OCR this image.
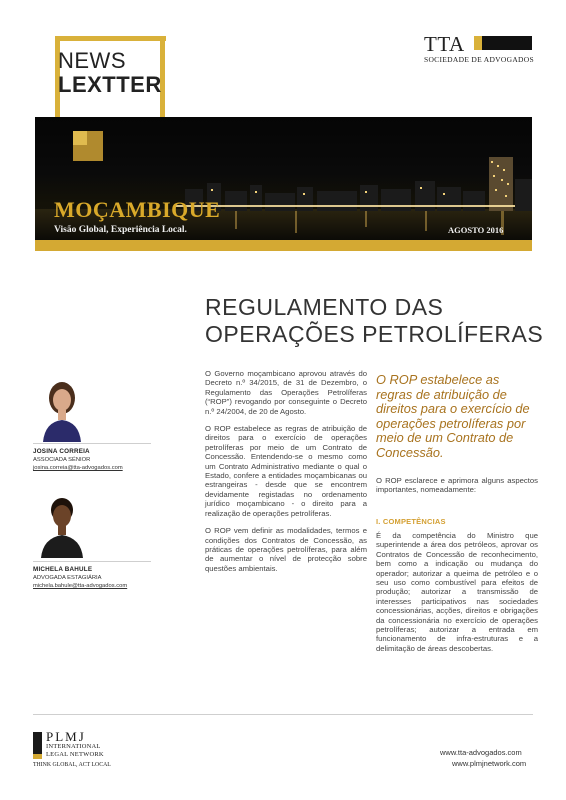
NEWS
LEXTTER
TTA
SOCIEDADE DE ADVOGADOS
MOÇAMBIQUE
Visão Global, Experiência Local.	AGOSTO 2016
REGULAMENTO DAS
OPERAÇÕES PETROLÍFERAS
JOSINA CORREIA
ASSOCIADA SÉNIOR
josina.correia@tta-advogados.com
MICHELA BAHULE
ADVOGADA ESTAGIÁRIA
michela.bahule@tta-advogados.com

O Governo moçambicano aprovou através do Decreto n.º 34/2015, de 31 de Dezembro, o Regulamento das Operações Petrolíferas (“ROP”) revogando por conseguinte o Decreto n.º 24/2004, de 20 de Agosto.

O ROP estabelece as regras de atribuição de direitos para o exercício de operações petrolíferas por meio de um Contrato de Concessão. Entendendo-se o mesmo como um Contrato Administrativo mediante o qual o Estado, confere a entidades moçambicanas ou estrangeiras - desde que se encontrem devidamente registadas no ordenamento jurídico moçambicano - o direito para a realização de operações petrolíferas.

O ROP vem definir as modalidades, termos e condições dos Contratos de Concessão, as práticas de operações petrolíferas, para além de aumentar o nível de protecção sobre questões ambientais.

O ROP estabelece as regras de atribuição de direitos para o exercício de operações petrolíferas por meio de um Contrato de Concessão.

O ROP esclarece e aprimora alguns aspectos importantes, nomeadamente:

I. COMPETÊNCIAS

É da competência do Ministro que superintende a área dos petróleos, aprovar os Contratos de Concessão de reconhecimento, bem como a indicação ou mudança do operador; autorizar a queima de petróleo e o seu uso como combustível para efeitos de produção; autorizar a transmissão de interesses participativos nas sociedades concessionárias, acções, direitos e obrigações da concessionária no exercício de operações petrolíferas; autorizar a entrada em funcionamento de infra-estruturas e a delimitação de áreas descobertas.

PLMJ
INTERNATIONAL
LEGAL NETWORK
THINK GLOBAL, ACT LOCAL
www.tta-advogados.com
www.plmjnetwork.com
